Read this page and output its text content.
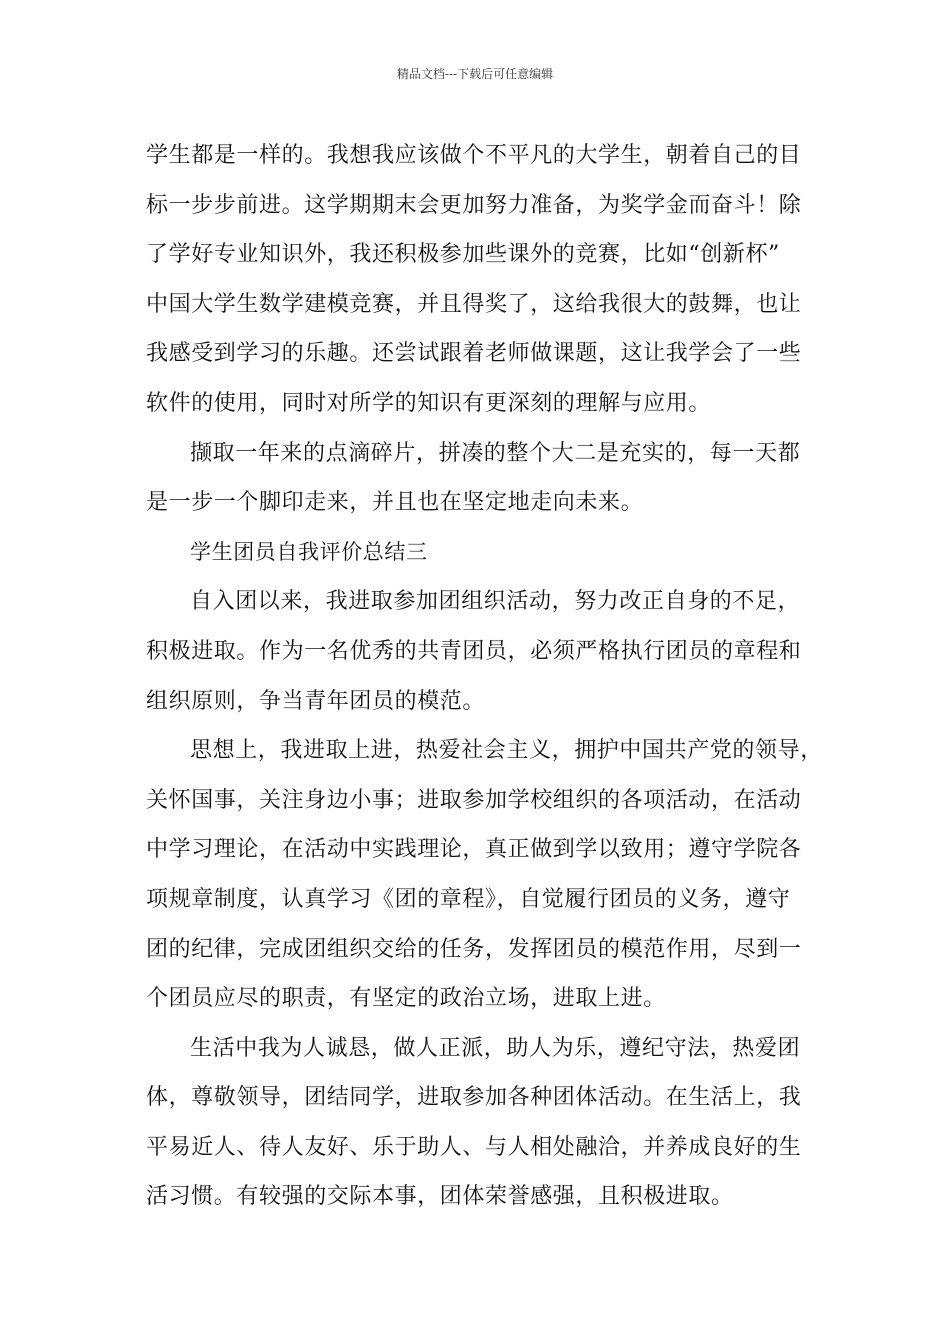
精品文档---下载后可任意编辑
学生都是一样的。我想我应该做个不平凡的大学生，朝着自己的目
标一步步前进。这学期期末会更加努力准备，为奖学金而奋斗！除
了学好专业知识外，我还积极参加些课外的竞赛，比如“创新杯”
中国大学生数学建模竞赛，并且得奖了，这给我很大的鼓舞，也让
我感受到学习的乐趣。还尝试跟着老师做课题，这让我学会了一些
软件的使用，同时对所学的知识有更深刻的理解与应用。
撷取一年来的点滴碎片，拼凑的整个大二是充实的，每一天都
是一步一个脚印走来，并且也在坚定地走向未来。
学生团员自我评价总结三
自入团以来，我进取参加团组织活动，努力改正自身的不足，
积极进取。作为一名优秀的共青团员，必须严格执行团员的章程和
组织原则，争当青年团员的模范。
思想上，我进取上进，热爱社会主义，拥护中国共产党的领导，
关怀国事，关注身边小事；进取参加学校组织的各项活动，在活动
中学习理论，在活动中实践理论，真正做到学以致用；遵守学院各
项规章制度，认真学习《团的章程》，自觉履行团员的义务，遵守
团的纪律，完成团组织交给的任务，发挥团员的模范作用，尽到一
个团员应尽的职责，有坚定的政治立场，进取上进。
生活中我为人诚恳，做人正派，助人为乐，遵纪守法，热爱团
体，尊敬领导，团结同学，进取参加各种团体活动。在生活上，我
平易近人、待人友好、乐于助人、与人相处融洽，并养成良好的生
活习惯。有较强的交际本事，团体荣誉感强，且积极进取。
